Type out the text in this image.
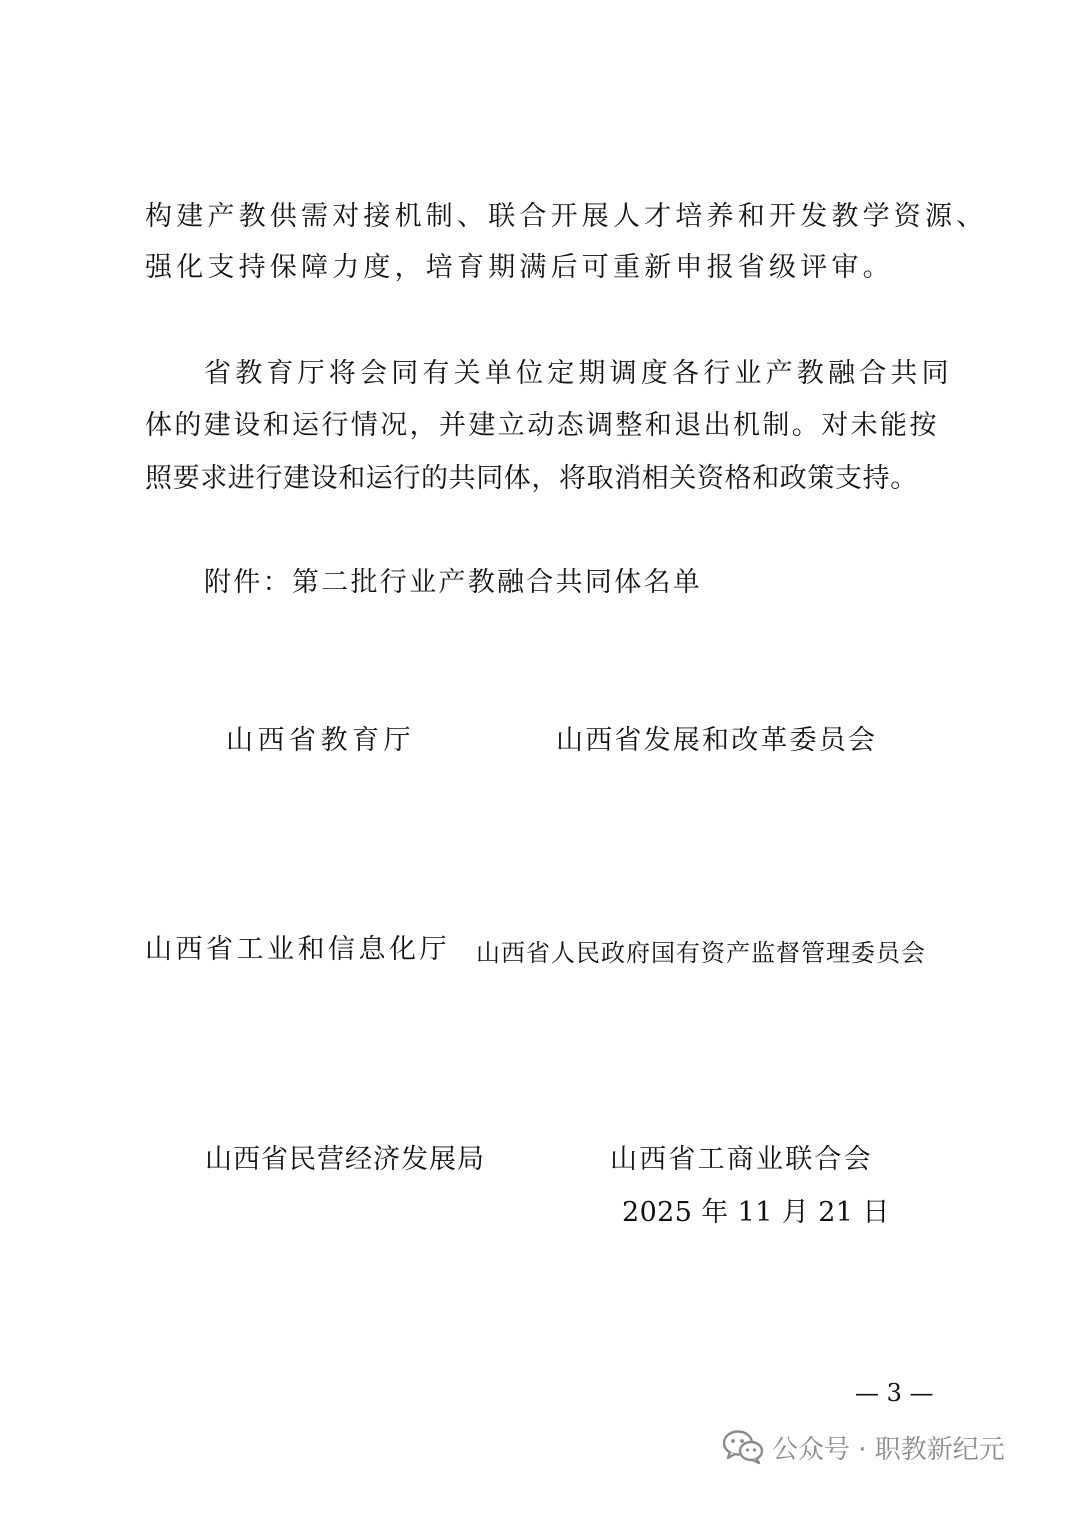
构建产教供需对接机制、联合开展人才培养和开发教学资源、
强化支持保障力度，培育期满后可重新申报省级评审。
省教育厅将会同有关单位定期调度各行业产教融合共同
体的建设和运行情况，并建立动态调整和退出机制。对未能按
照要求进行建设和运行的共同体，将取消相关资格和政策支持。
附件：第二批行业产教融合共同体名单
山西省教育厅	山西省发展和改革委员会
山西省工业和信息化厅 山西省人民政府国有资产监督管理委员会
山西省民营经济发展局	山西省工商业联合会
2025 年 11 月 21 日
— 3 —
公众号 · 职教新纪元
